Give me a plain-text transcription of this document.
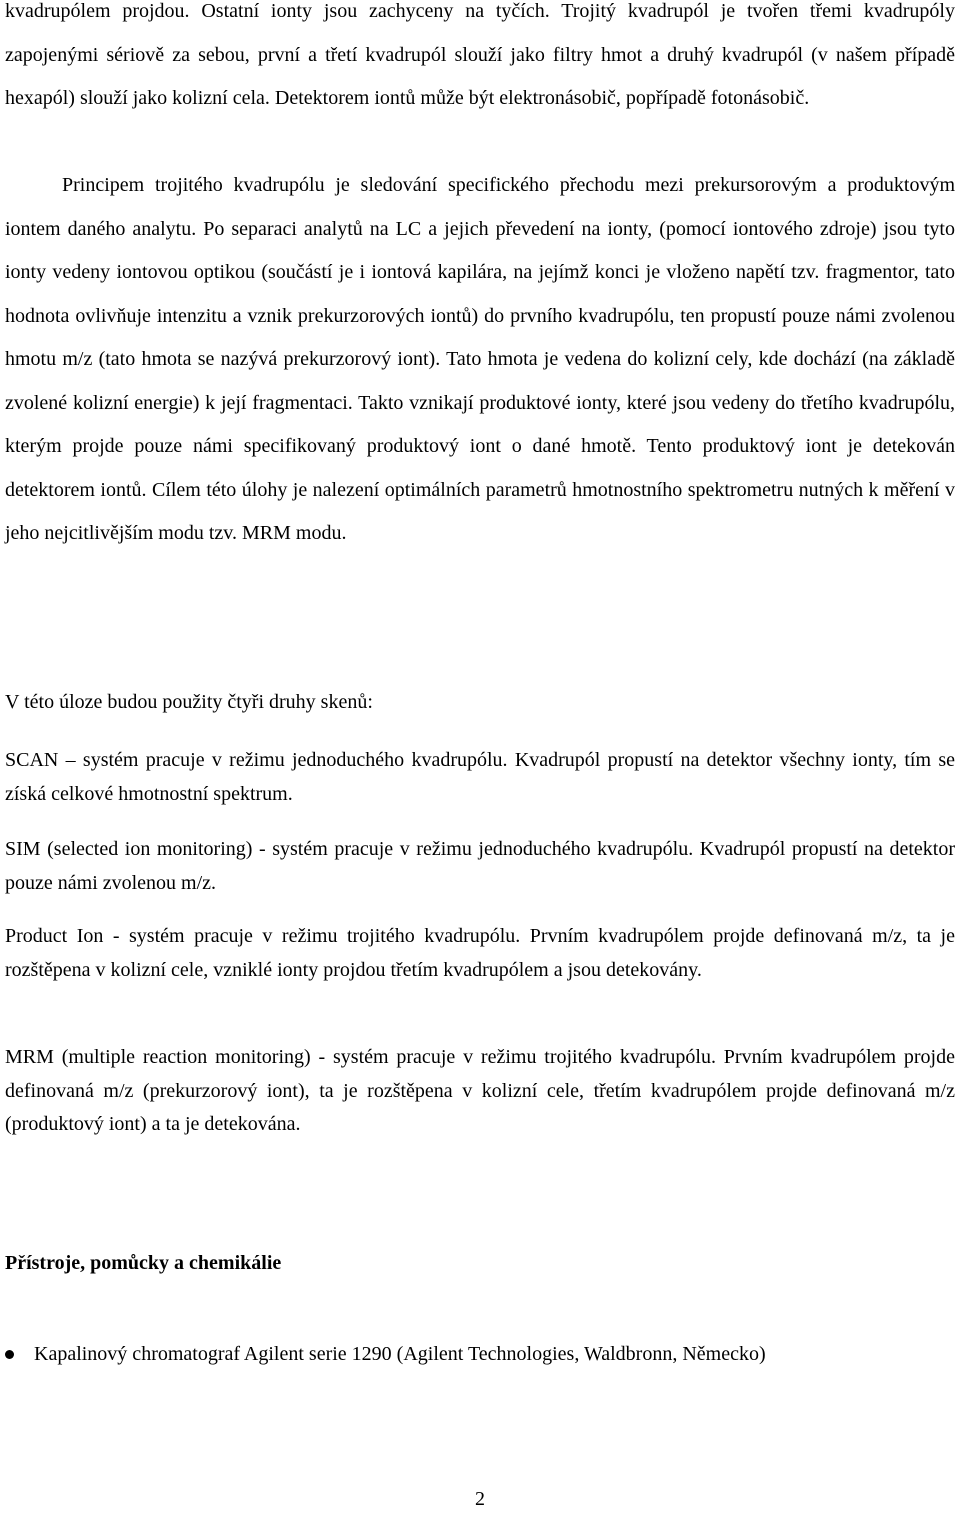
kvadrupólem projdou. Ostatní ionty jsou zachyceny na tyčích. Trojitý kvadrupól je tvořen třemi kvadrupóly zapojenými sériově za sebou, první a třetí kvadrupól slouží jako filtry hmot a druhý kvadrupól (v našem případě hexapól) slouží jako kolizní cela. Detektorem iontů může být elektronásobič, popřípadě fotonásobič.

Principem trojitého kvadrupólu je sledování specifického přechodu mezi prekursorovým a produktovým iontem daného analytu. Po separaci analytů na LC a jejich převedení na ionty, (pomocí iontového zdroje) jsou tyto ionty vedeny iontovou optikou (součástí je i iontová kapilára, na jejímž konci je vloženo napětí tzv. fragmentor, tato hodnota ovlivňuje intenzitu a vznik prekurzorových iontů) do prvního kvadrupólu, ten propustí pouze námi zvolenou hmotu m/z (tato hmota se nazývá prekurzorový iont). Tato hmota je vedena do kolizní cely, kde dochází (na základě zvolené kolizní energie) k její fragmentaci. Takto vznikají produktové ionty, které jsou vedeny do třetího kvadrupólu, kterým projde pouze námi specifikovaný produktový iont o dané hmotě. Tento produktový iont je detekován detektorem iontů. Cílem této úlohy je nalezení optimálních parametrů hmotnostního spektrometru nutných k měření v jeho nejcitlivějším modu tzv. MRM modu.

V této úloze budou použity čtyři druhy skenů:

SCAN – systém pracuje v režimu jednoduchého kvadrupólu. Kvadrupól propustí na detektor všechny ionty, tím se získá celkové hmotnostní spektrum.

SIM (selected ion monitoring) - systém pracuje v režimu jednoduchého kvadrupólu. Kvadrupól propustí na detektor pouze námi zvolenou m/z.

Product Ion - systém pracuje v režimu trojitého kvadrupólu. Prvním kvadrupólem projde definovaná m/z, ta je rozštěpena v kolizní cele, vzniklé ionty projdou třetím kvadrupólem a jsou detekovány.

MRM (multiple reaction monitoring) - systém pracuje v režimu trojitého kvadrupólu. Prvním kvadrupólem projde definovaná m/z (prekurzorový iont), ta je rozštěpena v kolizní cele, třetím kvadrupólem projde definovaná m/z (produktový iont) a ta je detekována.

Přístroje, pomůcky a chemikálie
Kapalinový chromatograf Agilent serie 1290 (Agilent Technologies, Waldbronn, Německo)
2
